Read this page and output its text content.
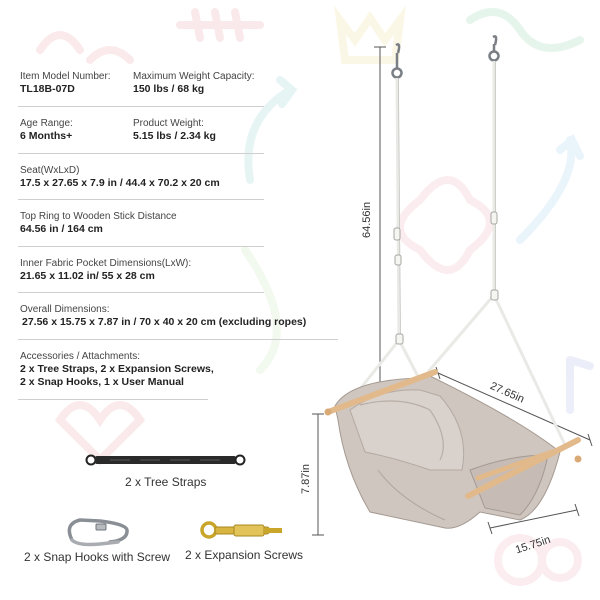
Item Model Number:
TL18B-07D
Maximum Weight Capacity:
150 lbs / 68 kg
Age Range:
6 Months+
Product Weight:
5.15 lbs / 2.34 kg
Seat(WxLxD)
17.5 x 27.65 x 7.9 in / 44.4 x 70.2 x 20 cm
Top Ring to Wooden Stick Distance
64.56 in / 164 cm
Inner Fabric Pocket Dimensions(LxW):
21.65 x 11.02 in/ 55 x 28 cm
Overall Dimensions:
27.56 x 15.75 x 7.87 in / 70 x 40 x 20 cm (excluding ropes)
Accessories / Attachments:
2 x Tree Straps, 2 x Expansion Screws,
2 x Snap Hooks, 1 x User Manual
2 x Tree Straps
2 x Snap Hooks with Screw 2 x Expansion Screws
64.56in
27.65in
7.87in
15.75in
